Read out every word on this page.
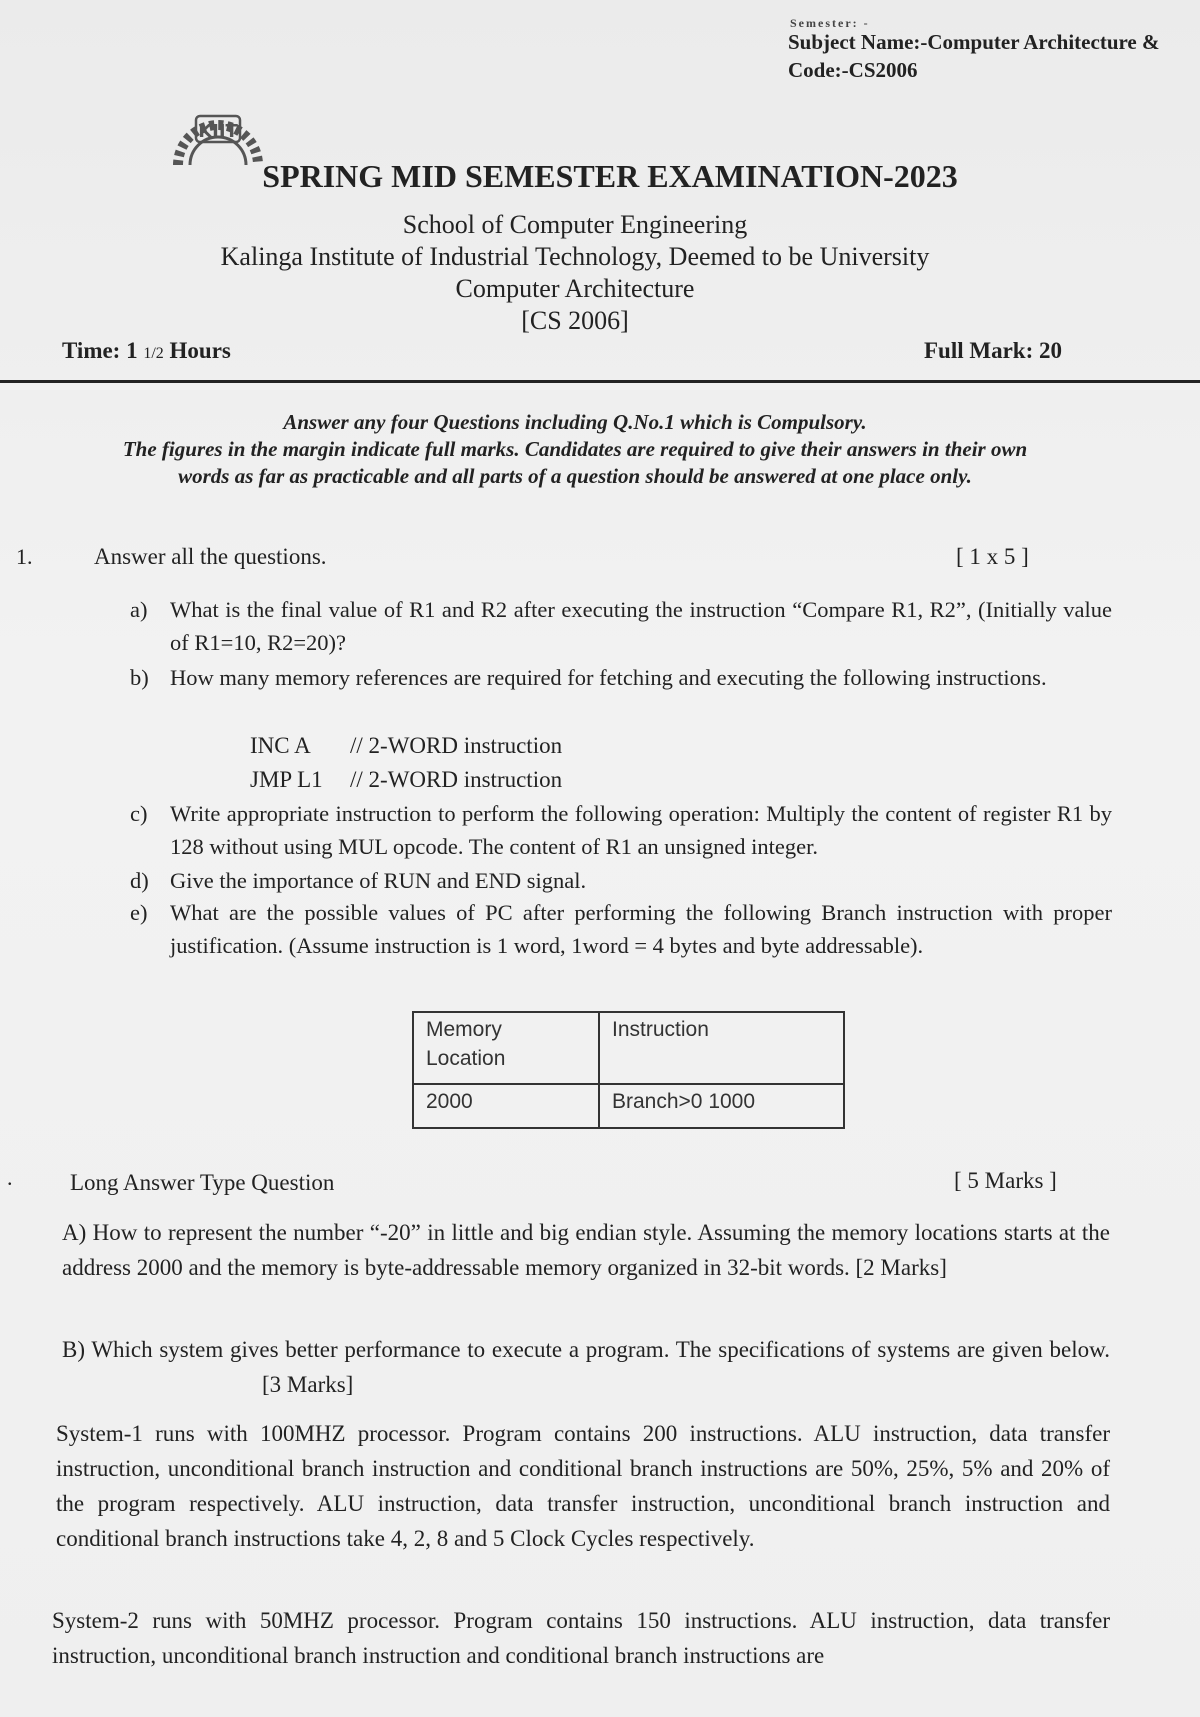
Semester: -
Subject Name:-Computer Architecture &
Code:-CS2006
KIIT
SPRING MID SEMESTER EXAMINATION-2023
School of Computer Engineering
Kalinga Institute of Industrial Technology, Deemed to be University
Computer Architecture
[CS 2006]
Time: 1 1/2 Hours	Full Mark: 20
Answer any four Questions including Q.No.1 which is Compulsory.
The figures in the margin indicate full marks. Candidates are required to give their answers in their own
words as far as practicable and all parts of a question should be answered at one place only.
1.	Answer all the questions.	[ 1 x 5 ]
a) What is the final value of R1 and R2 after executing the instruction “Compare R1, R2”, (Initially value of R1=10, R2=20)?
b) How many memory references are required for fetching and executing the following instructions.
INC A // 2-WORD instruction
JMP L1 // 2-WORD instruction
c) Write appropriate instruction to perform the following operation: Multiply the content of register R1 by 128 without using MUL opcode. The content of R1 an unsigned integer.
d) Give the importance of RUN and END signal.
e) What are the possible values of PC after performing the following Branch instruction with proper justification. (Assume instruction is 1 word, 1word = 4 bytes and byte addressable).
Memory Location	Instruction
2000	Branch>0 1000
.	Long Answer Type Question	[ 5 Marks ]
A) How to represent the number “-20” in little and big endian style. Assuming the memory locations starts at the address 2000 and the memory is byte-addressable memory organized in 32-bit words. [2 Marks]
B) Which system gives better performance to execute a program. The specifications of systems are given below. [3 Marks]
System-1 runs with 100MHZ processor. Program contains 200 instructions. ALU instruction, data transfer instruction, unconditional branch instruction and conditional branch instructions are 50%, 25%, 5% and 20% of the program respectively. ALU instruction, data transfer instruction, unconditional branch instruction and conditional branch instructions take 4, 2, 8 and 5 Clock Cycles respectively.
System-2 runs with 50MHZ processor. Program contains 150 instructions. ALU instruction, data transfer instruction, unconditional branch instruction and conditional branch instructions are
